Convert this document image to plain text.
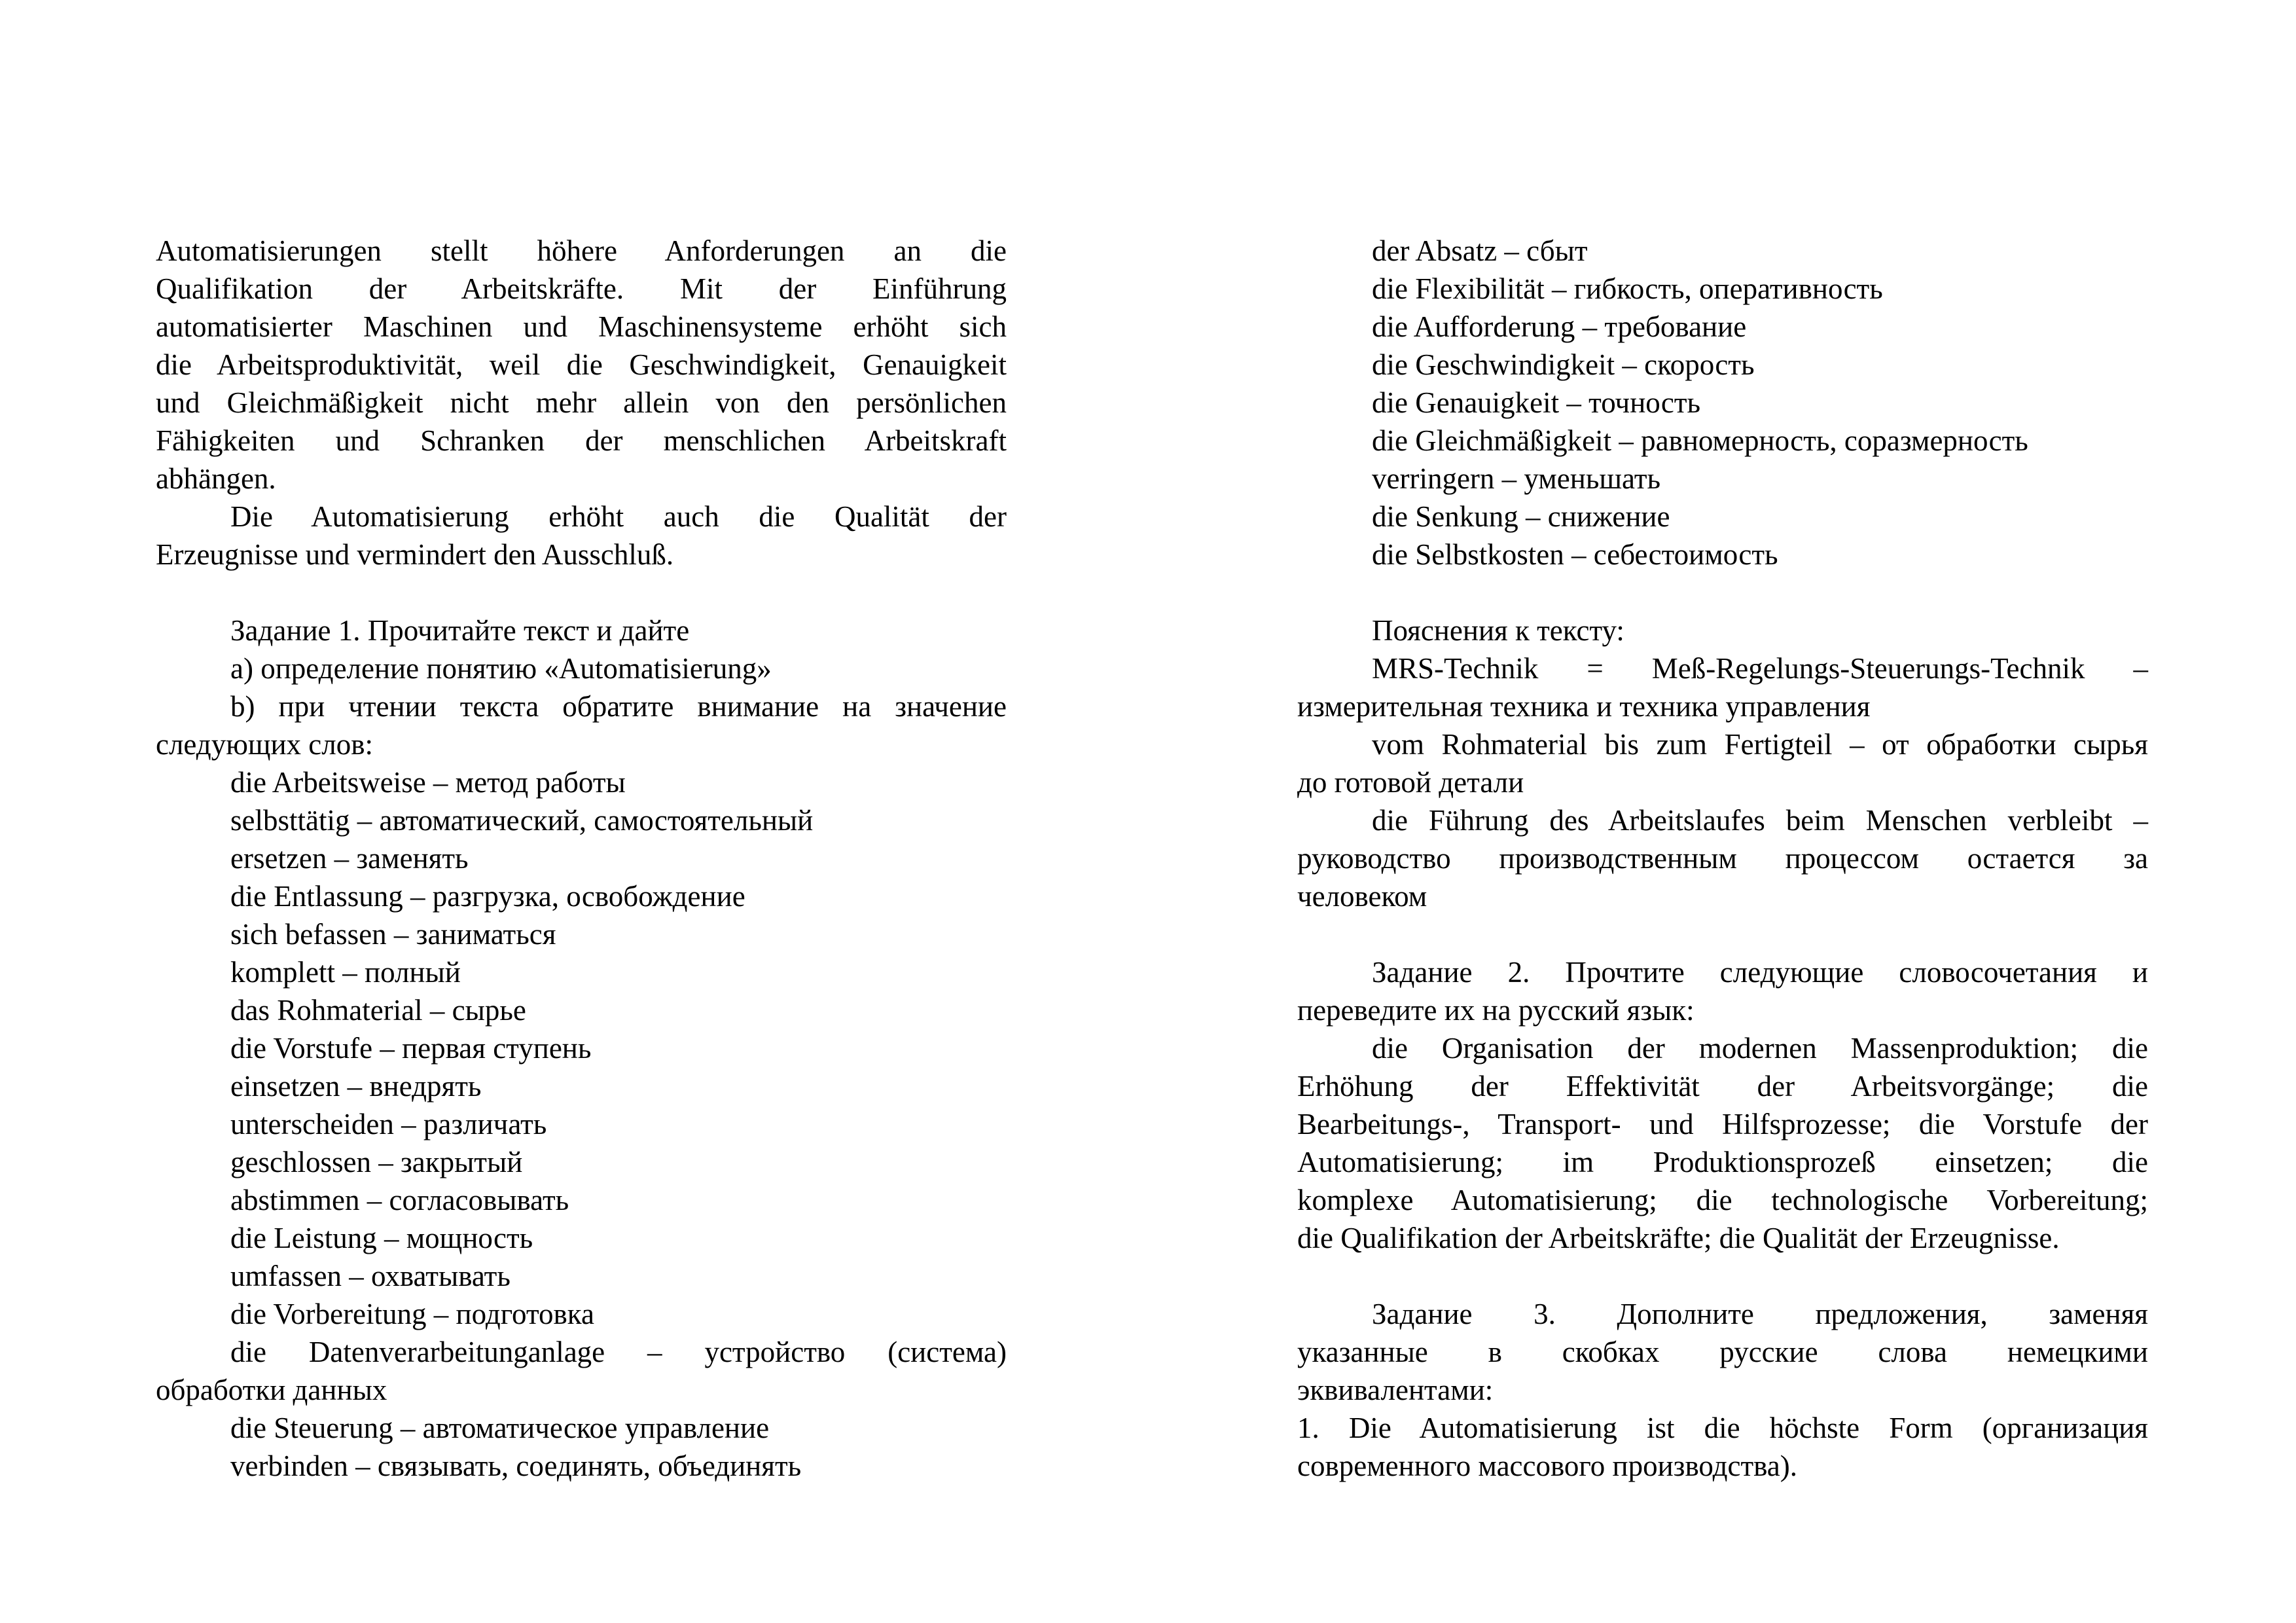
Automatisierungen stellt höhere Anforderungen an die
Qualifikation der Arbeitskräfte. Mit der Einführung
automatisierter Maschinen und Maschinensysteme erhöht sich
die Arbeitsproduktivität, weil die Geschwindigkeit, Genauigkeit
und Gleichmäßigkeit nicht mehr allein von den persönlichen
Fähigkeiten und Schranken der menschlichen Arbeitskraft
abhängen.
Die Automatisierung erhöht auch die Qualität der
Erzeugnisse und vermindert den Ausschluß.
Задание 1. Прочитайте текст и дайте
а) определение понятию «Automatisierung»
b) при чтении текста обратите внимание на значение
следующих слов:
die Arbeitsweise – метод работы
selbsttätig – автоматический, самостоятельный
ersetzen – заменять
die Entlassung – разгрузка, освобождение
sich befassen – заниматься
komplett – полный
das Rohmaterial – сырье
die Vorstufe – первая ступень
einsetzen – внедрять
unterscheiden – различать
geschlossen – закрытый
abstimmen – согласовывать
die Leistung – мощность
umfassen – охватывать
die Vorbereitung – подготовка
die Datenverarbeitunganlage – устройство (система)
обработки данных
die Steuerung – автоматическое управление
verbinden – связывать, соединять, объединять
der Absatz – сбыт
die Flexibilität – гибкость, оперативность
die Aufforderung – требование
die Geschwindigkeit – скорость
die Genauigkeit – точность
die Gleichmäßigkeit – равномерность, соразмерность
verringern – уменьшать
die Senkung – снижение
die Selbstkosten – себестоимость
Пояснения к тексту:
MRS-Technik = Meß-Regelungs-Steuerungs-Technik –
измерительная техника и техника управления
vom Rohmaterial bis zum Fertigteil – от обработки сырья
до готовой детали
die Führung des Arbeitslaufes beim Menschen verbleibt –
руководство производственным процессом остается за
человеком
Задание 2. Прочтите следующие словосочетания и
переведите их на русский язык:
die Organisation der modernen Massenproduktion; die
Erhöhung der Effektivität der Arbeitsvorgänge; die
Bearbeitungs-, Transport- und Hilfsprozesse; die Vorstufe der
Automatisierung; im Produktionsprozeß einsetzen; die
komplexe Automatisierung; die technologische Vorbereitung;
die Qualifikation der Arbeitskräfte; die Qualität der Erzeugnisse.
Задание 3. Дополните предложения, заменяя
указанные в скобках русские слова немецкими
эквивалентами:
1. Die Automatisierung ist die höchste Form (организация
современного массового производства).
